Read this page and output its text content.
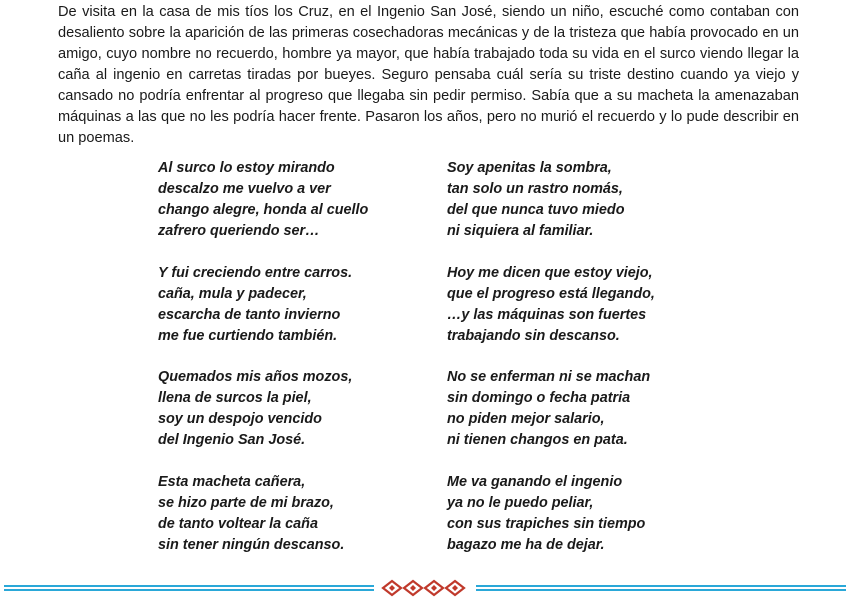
De visita en la casa de mis tíos los Cruz, en el Ingenio San José, siendo un niño, escuché como contaban con desaliento sobre la aparición de las primeras cosechadoras mecánicas y de la tristeza que había provocado en un amigo, cuyo nombre no recuerdo, hombre ya mayor, que había trabajado toda su vida en el surco viendo llegar la caña al ingenio en carretas tiradas por bueyes. Seguro pensaba cuál sería su triste destino cuando ya viejo y cansado no podría enfrentar al progreso que llegaba sin pedir permiso. Sabía que a su macheta la amenazaban máquinas a las que no les podría hacer frente. Pasaron los años, pero no murió el recuerdo y lo pude describir en un poemas.

Al surco lo estoy mirando
descalzo me vuelvo a ver
chango alegre, honda al cuello
zafrero queriendo ser…
Y fui creciendo entre carros.
caña, mula y padecer,
escarcha de tanto invierno
me fue curtiendo también.
Quemados mis años mozos,
llena de surcos la piel,
soy un despojo vencido
del Ingenio San José.
Esta macheta cañera,
se hizo parte de mi brazo,
de tanto voltear la caña
sin tener ningún descanso.
Soy apenitas la sombra,
tan solo un rastro nomás,
del que nunca tuvo miedo
ni siquiera al familiar.
Hoy me dicen que estoy viejo,
que el progreso está llegando,
…y las máquinas son fuertes
trabajando sin descanso.
No se enferman ni se machan
sin domingo o fecha patria
no piden mejor salario,
ni tienen changos en pata.
Me va ganando el ingenio
ya no le puedo peliar,
con sus trapiches sin tiempo
bagazo me ha de dejar.
